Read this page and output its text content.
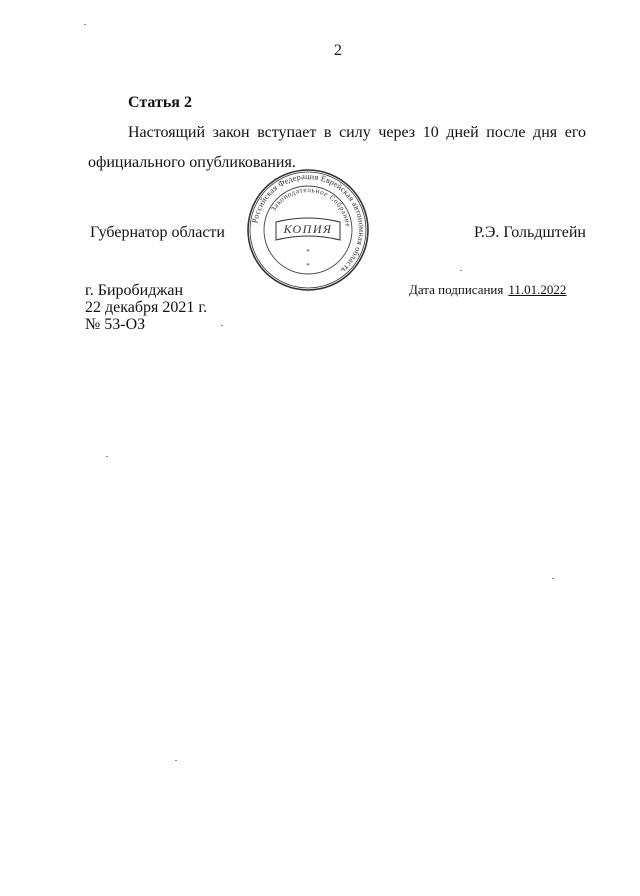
2
Статья 2
Настоящий закон вступает в силу через 10 дней после дня его
официального опубликования.
Губернатор области	Р.Э. Гольдштейн
Российская Федерация Еврейская автономная область
Законодательное Собрание
КОПИЯ
*
*
г. Биробиджан
22 декабря 2021 г.
№ 53-ОЗ
Дата подписания 11.01.2022
